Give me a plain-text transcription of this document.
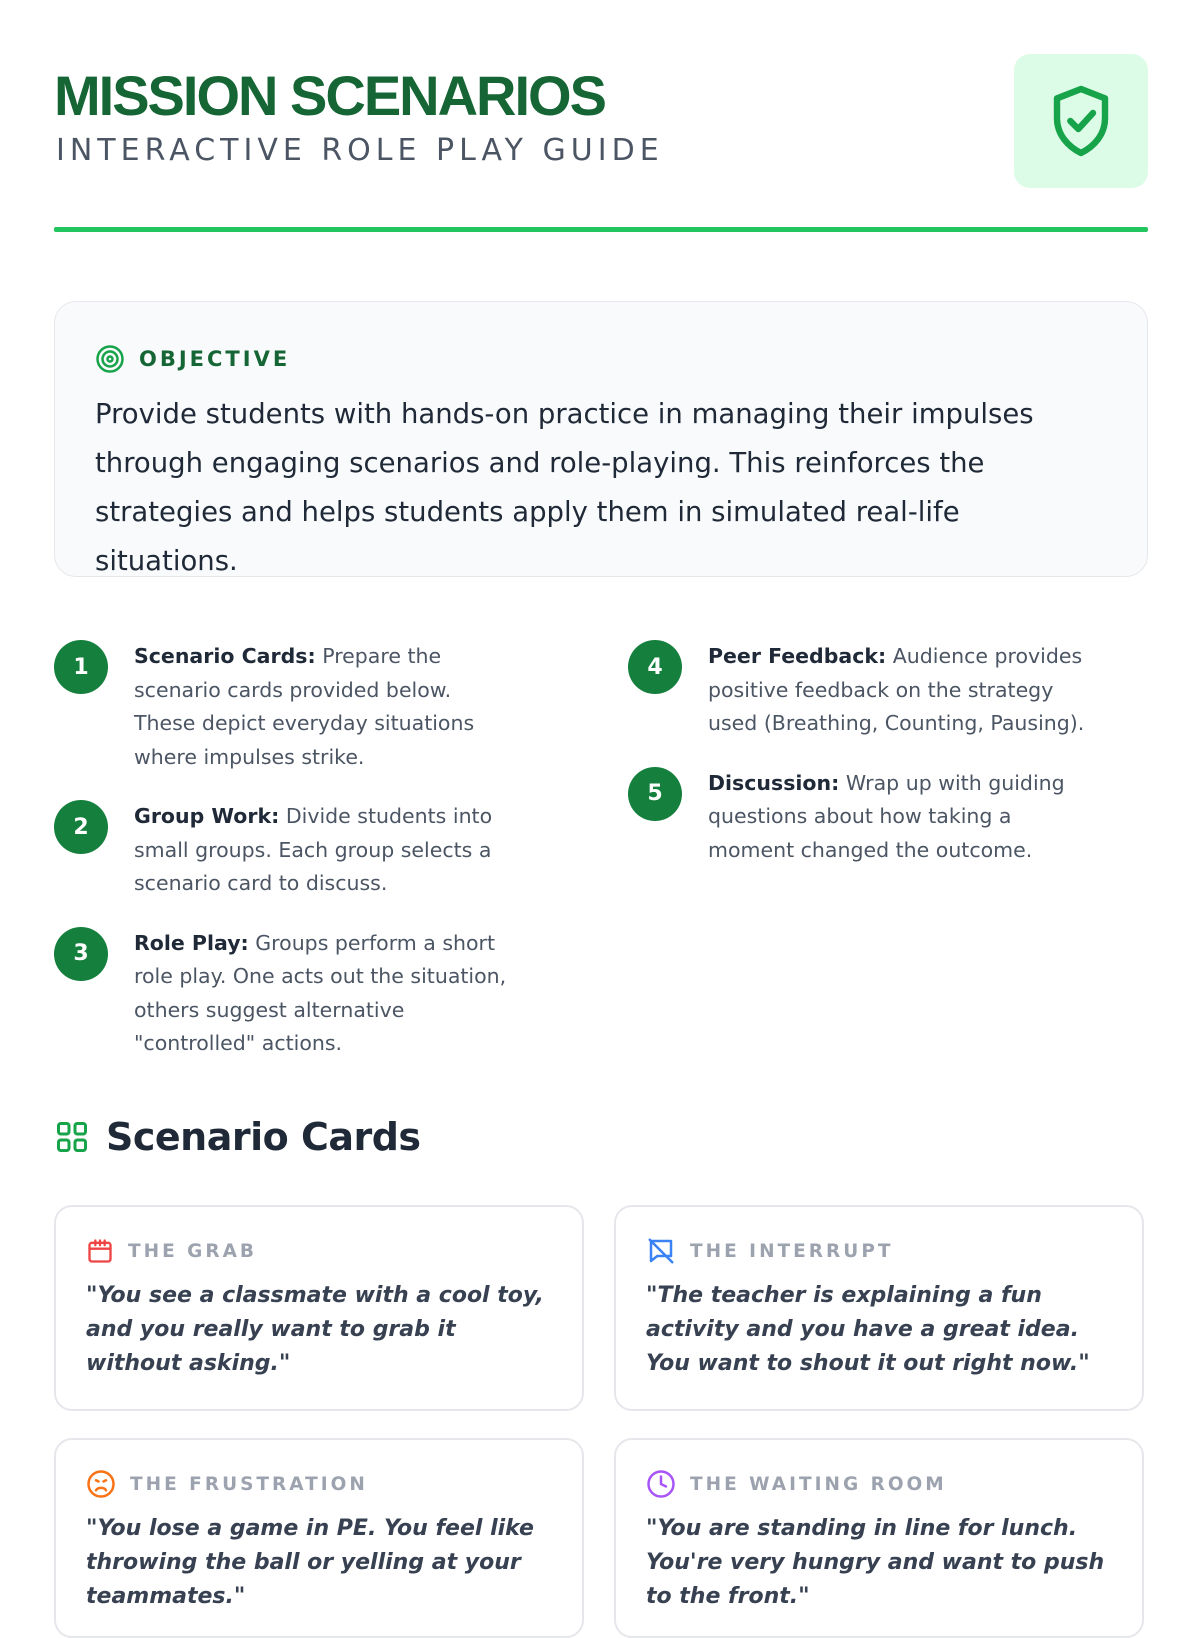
MISSION SCENARIOS
INTERACTIVE ROLE PLAY GUIDE
OBJECTIVE

Provide students with hands-on practice in managing their impulses through engaging scenarios and role-playing. This reinforces the strategies and helps students apply them in simulated real-life situations.

1	Scenario Cards: Prepare the scenario cards provided below. These depict everyday situations where impulses strike.

2	Group Work: Divide students into small groups. Each group selects a scenario card to discuss.

3	Role Play: Groups perform a short role play. One acts out the situation, others suggest alternative "controlled" actions.

4	Peer Feedback: Audience provides positive feedback on the strategy used (Breathing, Counting, Pausing).

5	Discussion: Wrap up with guiding questions about how taking a moment changed the outcome.

Scenario Cards
THE GRAB

"You see a classmate with a cool toy, and you really want to grab it without asking."

THE INTERRUPT

"The teacher is explaining a fun activity and you have a great idea. You want to shout it out right now."

THE FRUSTRATION

"You lose a game in PE. You feel like throwing the ball or yelling at your teammates."

THE WAITING ROOM

"You are standing in line for lunch. You're very hungry and want to push to the front."
